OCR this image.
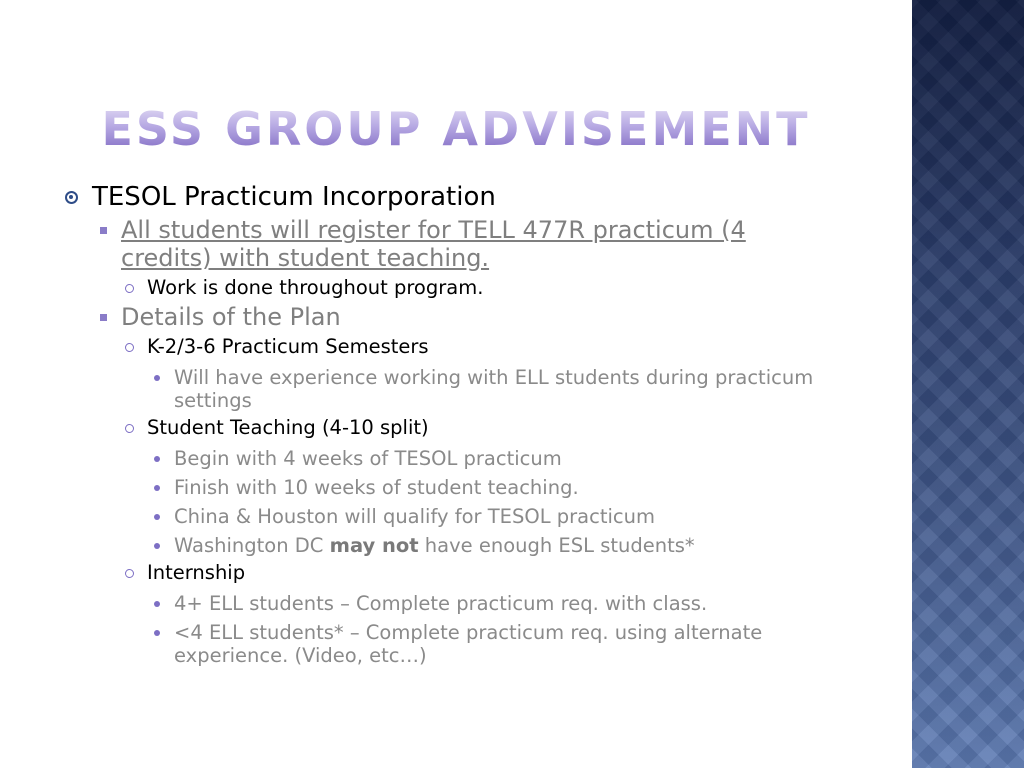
ESS GROUP ADVISEMENT
TESOL Practicum Incorporation
All students will register for TELL 477R practicum (4 credits) with student teaching.
Work is done throughout program.
Details of the Plan
K-2/3-6 Practicum Semesters
Will have experience working with ELL students during practicum settings
Student Teaching (4-10 split)
Begin with 4 weeks of TESOL practicum
Finish with 10 weeks of student teaching.
China & Houston will qualify for TESOL practicum
Washington DC may not have enough ESL students*
Internship
4+ ELL students – Complete practicum req. with class.
<4 ELL students* – Complete practicum req. using alternate experience. (Video, etc…)
